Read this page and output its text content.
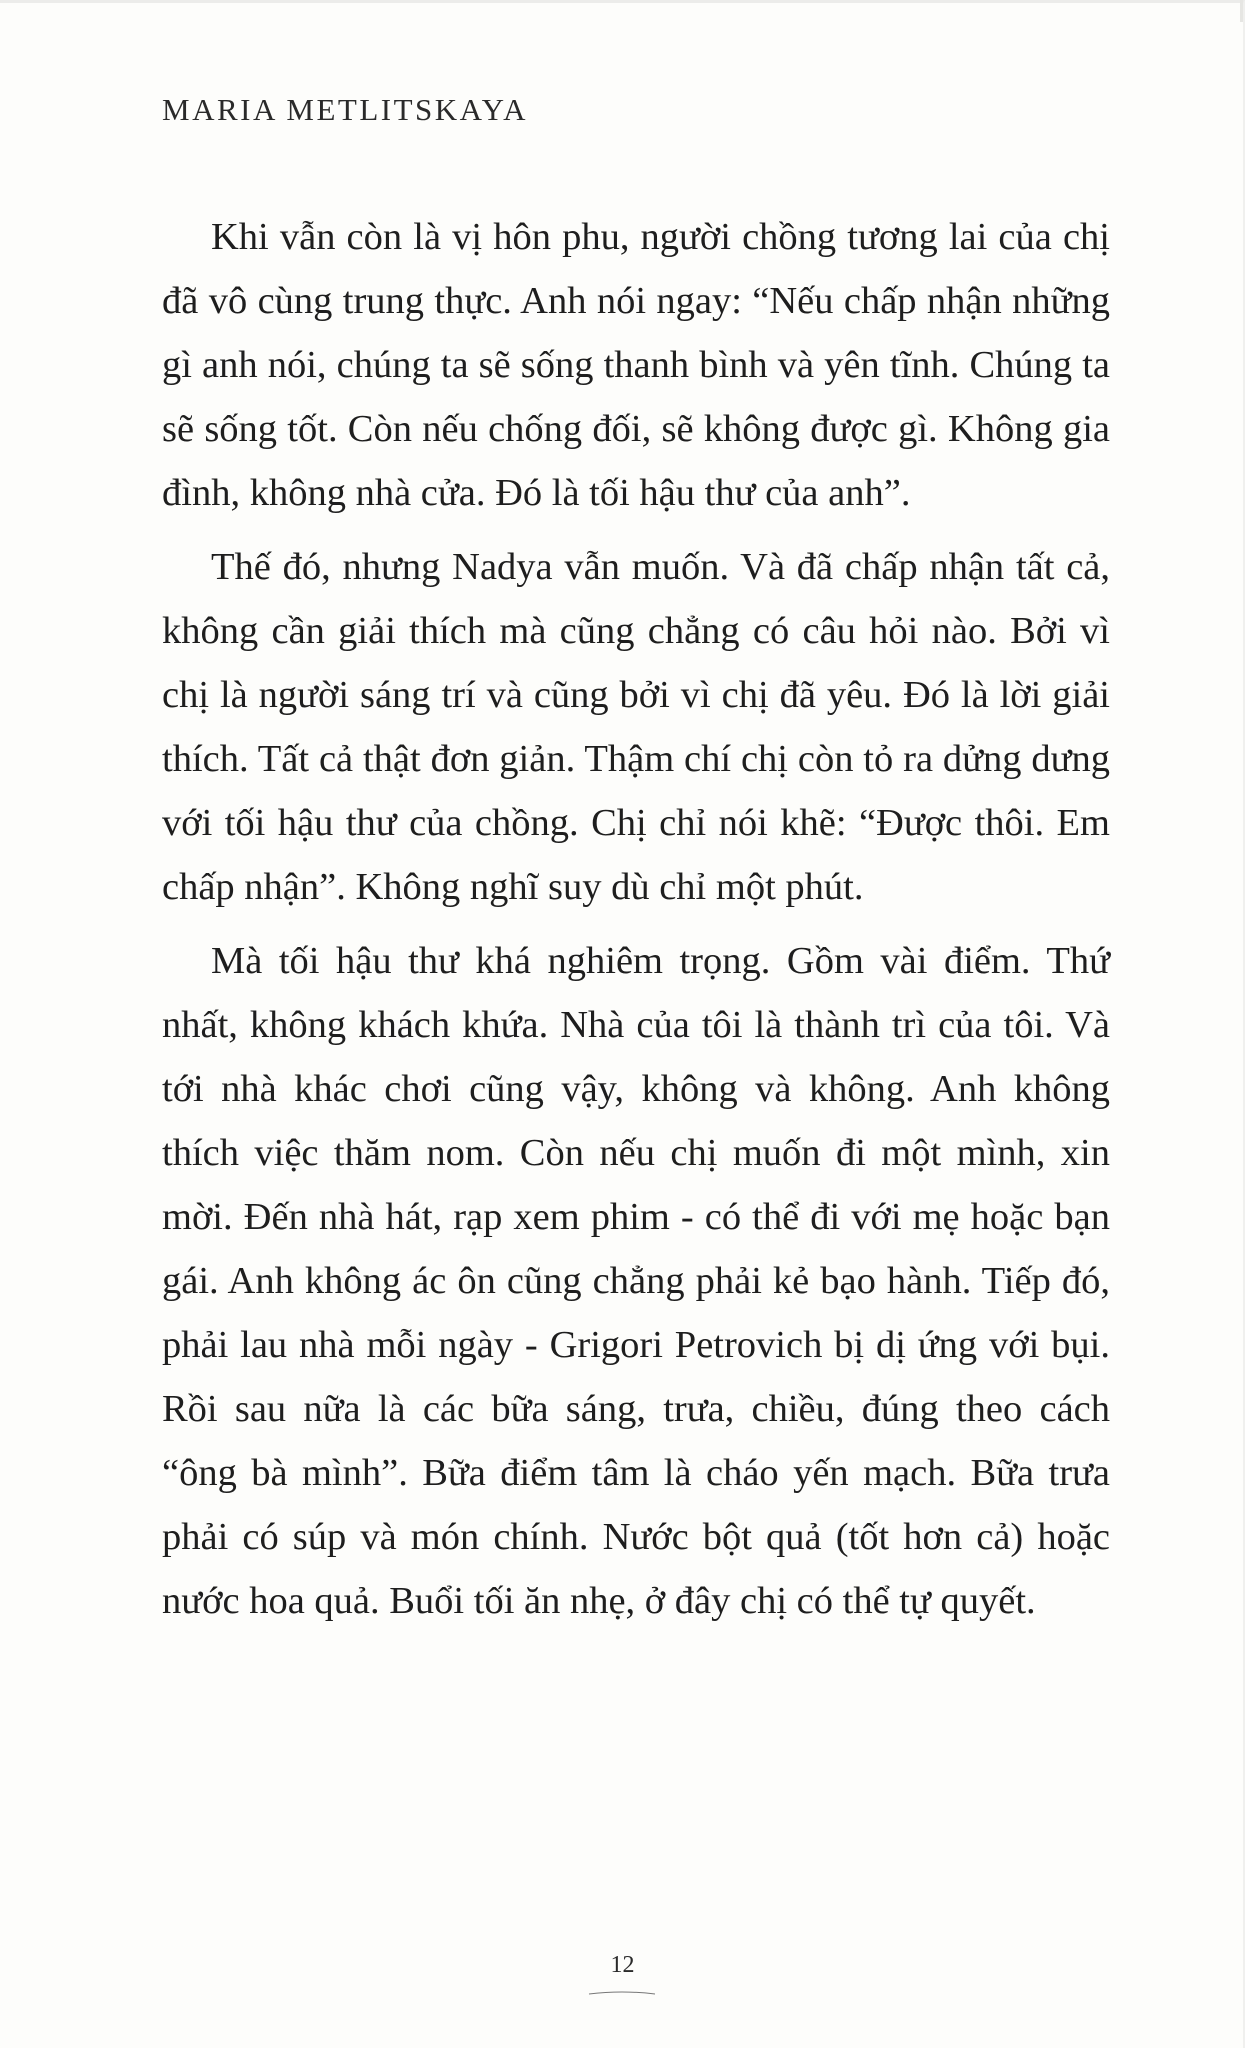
MARIA METLITSKAYA

Khi vẫn còn là vị hôn phu, người chồng tương lai của chị đã vô cùng trung thực. Anh nói ngay: “Nếu chấp nhận những gì anh nói, chúng ta sẽ sống thanh bình và yên tĩnh. Chúng ta sẽ sống tốt. Còn nếu chống đối, sẽ không được gì. Không gia đình, không nhà cửa. Đó là tối hậu thư của anh”.

Thế đó, nhưng Nadya vẫn muốn. Và đã chấp nhận tất cả, không cần giải thích mà cũng chẳng có câu hỏi nào. Bởi vì chị là người sáng trí và cũng bởi vì chị đã yêu. Đó là lời giải thích. Tất cả thật đơn giản. Thậm chí chị còn tỏ ra dửng dưng với tối hậu thư của chồng. Chị chỉ nói khẽ: “Được thôi. Em chấp nhận”. Không nghĩ suy dù chỉ một phút.

Mà tối hậu thư khá nghiêm trọng. Gồm vài điểm. Thứ nhất, không khách khứa. Nhà của tôi là thành trì của tôi. Và tới nhà khác chơi cũng vậy, không và không. Anh không thích việc thăm nom. Còn nếu chị muốn đi một mình, xin mời. Đến nhà hát, rạp xem phim - có thể đi với mẹ hoặc bạn gái. Anh không ác ôn cũng chẳng phải kẻ bạo hành. Tiếp đó, phải lau nhà mỗi ngày - Grigori Petrovich bị dị ứng với bụi. Rồi sau nữa là các bữa sáng, trưa, chiều, đúng theo cách “ông bà mình”. Bữa điểm tâm là cháo yến mạch. Bữa trưa phải có súp và món chính. Nước bột quả (tốt hơn cả) hoặc nước hoa quả. Buổi tối ăn nhẹ, ở đây chị có thể tự quyết.

12
